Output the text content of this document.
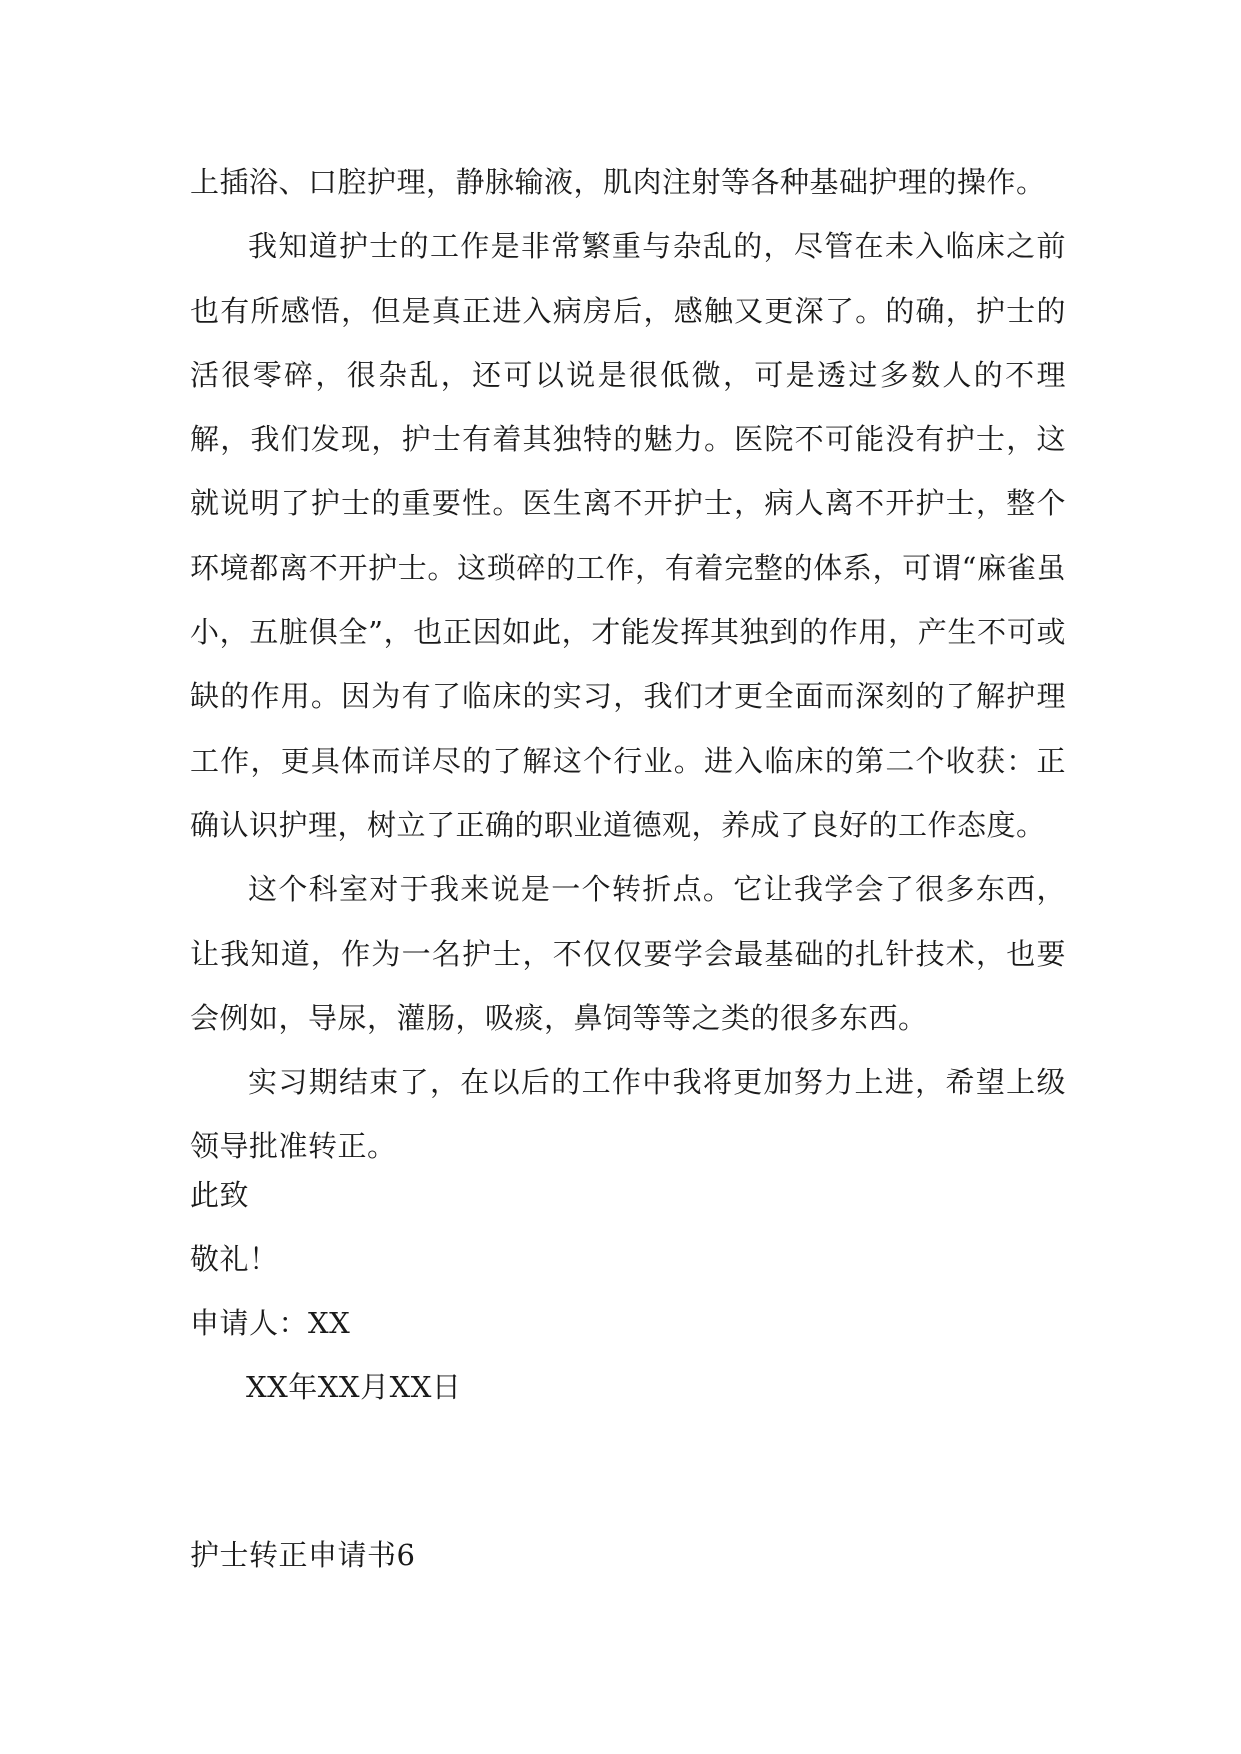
上插浴、口腔护理，静脉输液，肌肉注射等各种基础护理的操作。

我知道护士的工作是非常繁重与杂乱的，尽管在未入临床之前也有所感悟，但是真正进入病房后，感触又更深了。的确，护士的活很零碎，很杂乱，还可以说是很低微，可是透过多数人的不理解，我们发现，护士有着其独特的魅力。医院不可能没有护士，这就说明了护士的重要性。医生离不开护士，病人离不开护士，整个环境都离不开护士。这琐碎的工作，有着完整的体系，可谓“麻雀虽小，五脏俱全”，也正因如此，才能发挥其独到的作用，产生不可或缺的作用。因为有了临床的实习，我们才更全面而深刻的了解护理工作，更具体而详尽的了解这个行业。进入临床的第二个收获：正确认识护理，树立了正确的职业道德观，养成了良好的工作态度。

这个科室对于我来说是一个转折点。它让我学会了很多东西，让我知道，作为一名护士，不仅仅要学会最基础的扎针技术，也要会例如，导尿，灌肠，吸痰，鼻饲等等之类的很多东西。

实习期结束了，在以后的工作中我将更加努力上进，希望上级领导批准转正。

此致
敬礼！
申请人：XX
XX年XX月XX日
护士转正申请书6
